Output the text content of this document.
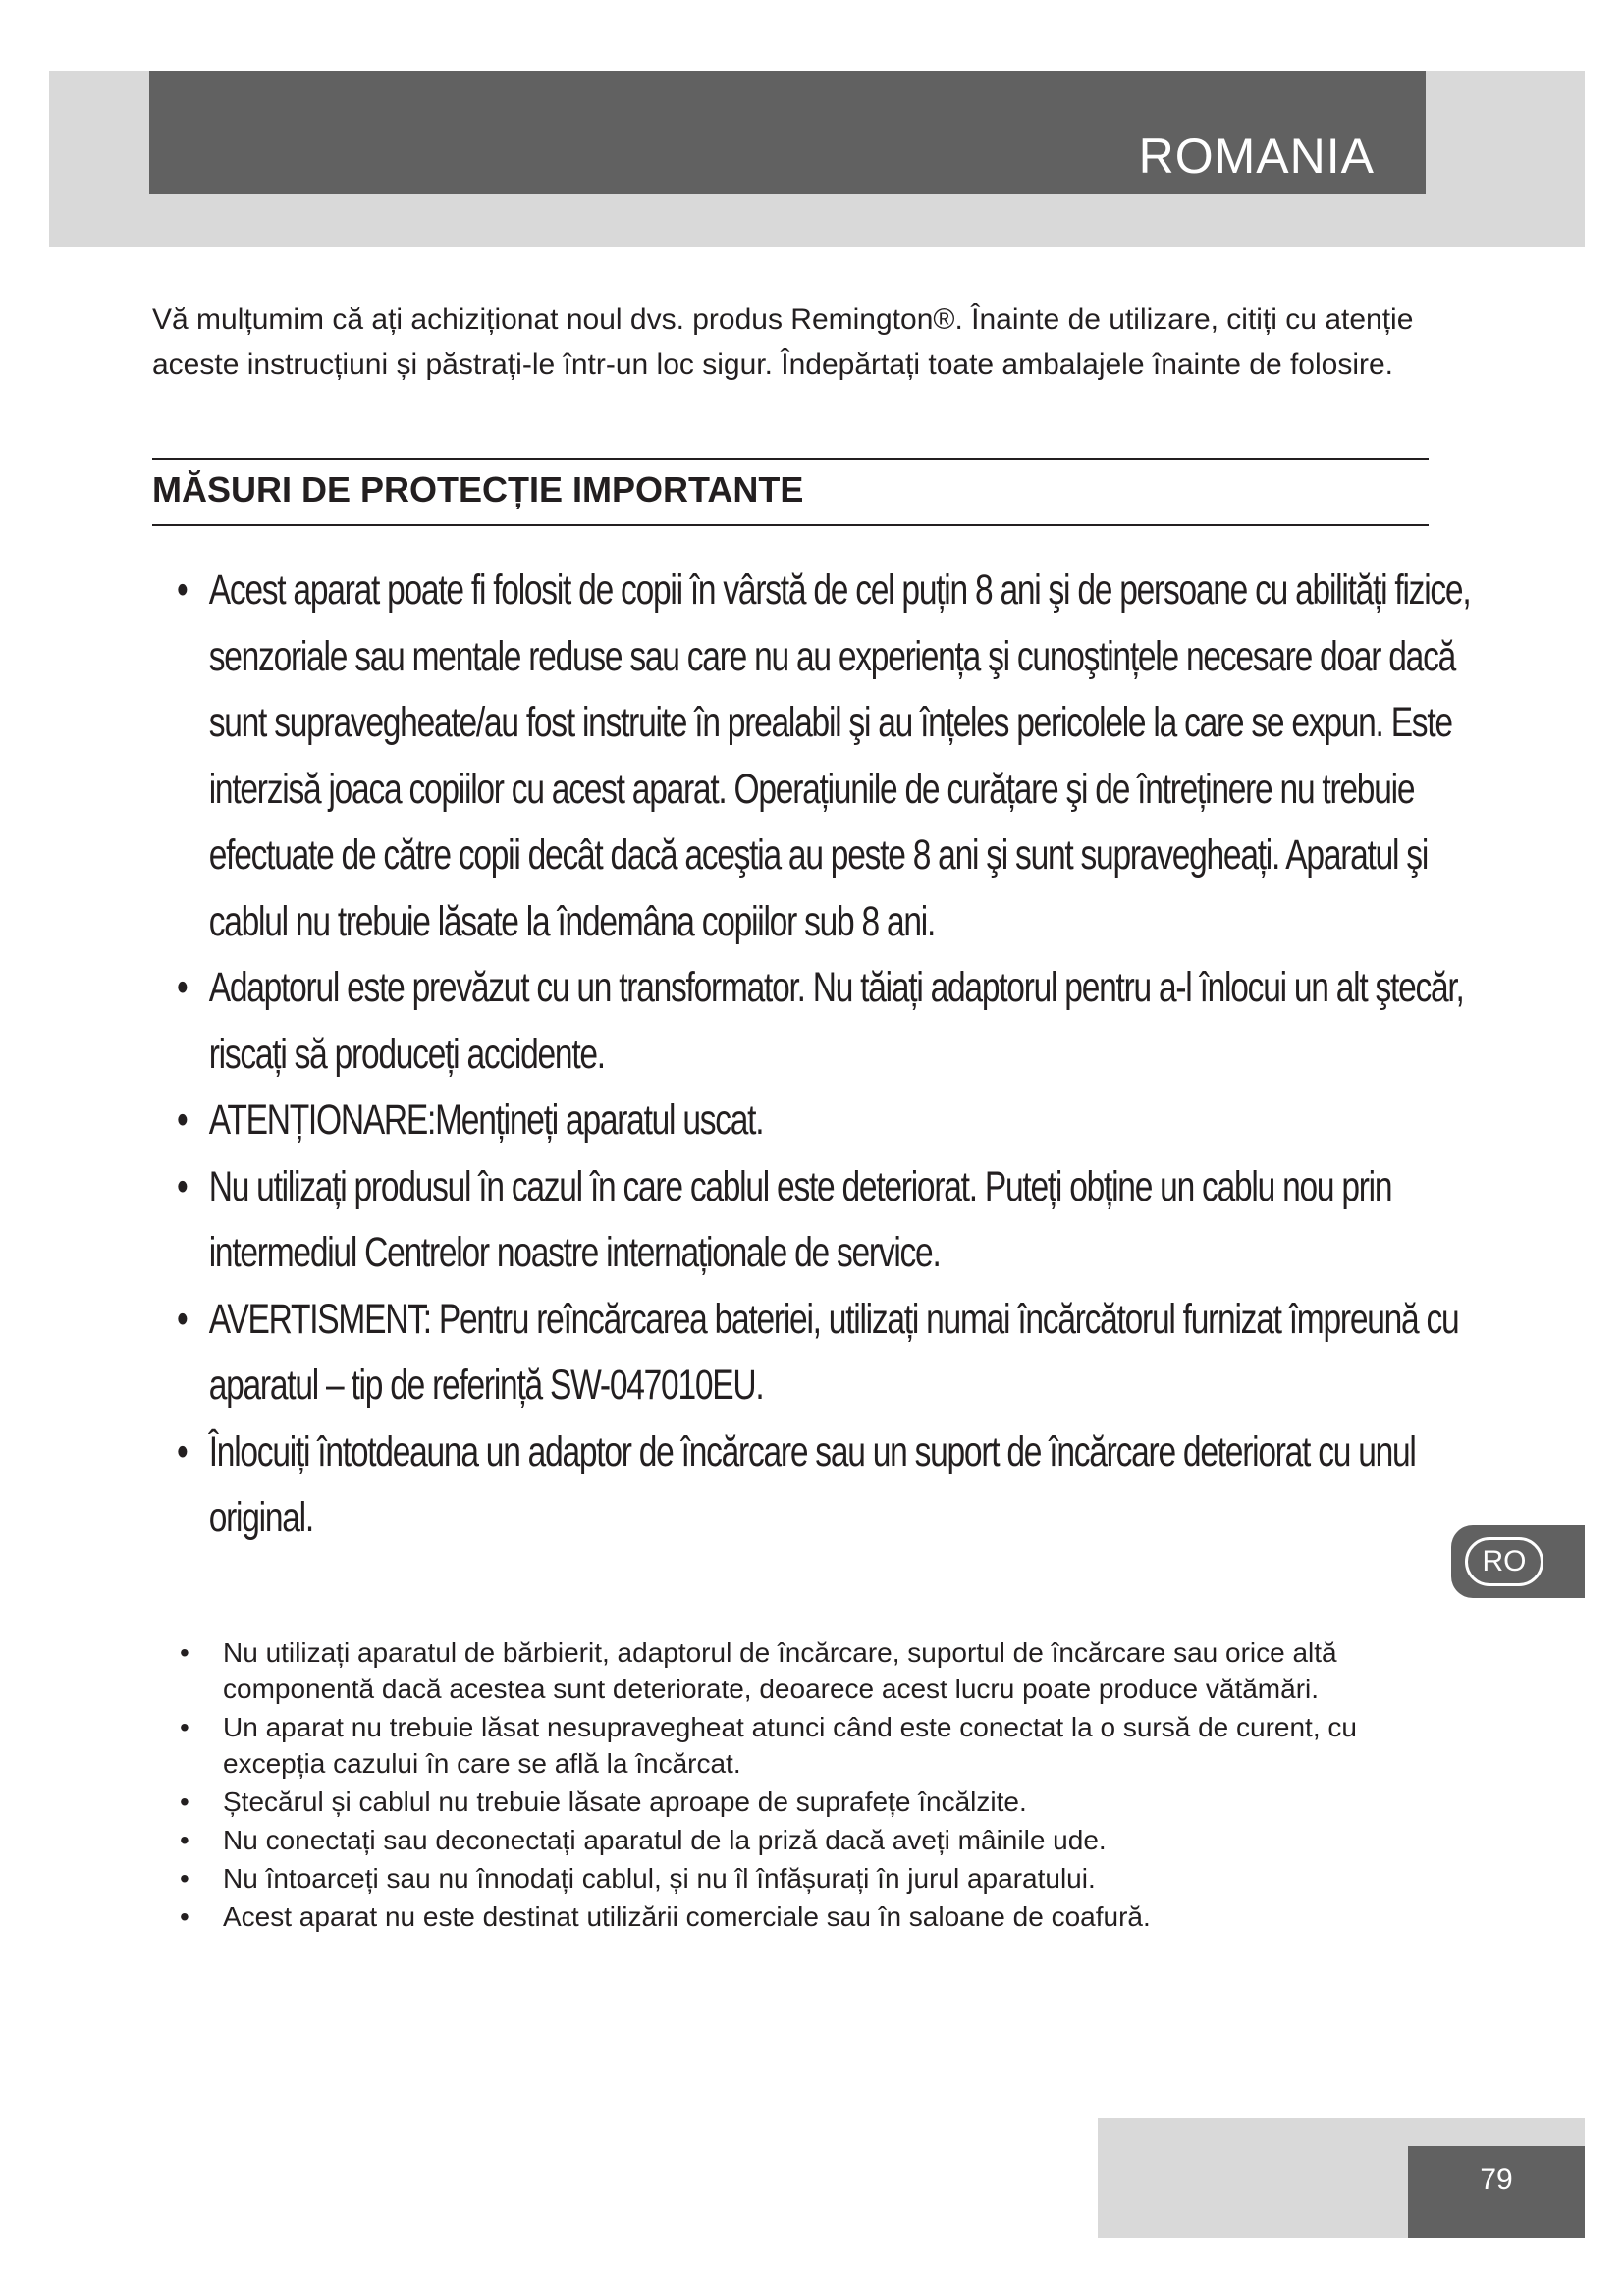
ROMANIA
Vă mulțumim că ați achiziționat noul dvs. produs Remington®. Înainte de utilizare, citiți cu atenție aceste instrucțiuni și păstrați-le într-un loc sigur. Îndepărtați toate ambalajele înainte de folosire.
MĂSURI DE PROTECȚIE IMPORTANTE
• Acest aparat poate fi folosit de copii în vârstă de cel puțin 8 ani şi de persoane cu abilități fizice, senzoriale sau mentale reduse sau care nu au experiența şi cunoştințele necesare doar dacă sunt supravegheate/au fost instruite în prealabil şi au înțeles pericolele la care se expun. Este interzisă joaca copiilor cu acest aparat. Operațiunile de curățare şi de întreținere nu trebuie efectuate de către copii decât dacă aceştia au peste 8 ani şi sunt supravegheați. Aparatul şi cablul nu trebuie lăsate la îndemâna copiilor sub 8 ani.
• Adaptorul este prevăzut cu un transformator. Nu tăiați adaptorul pentru a-l înlocui un alt ştecăr, riscați să produceți accidente.
• ATENȚIONARE:Mențineți aparatul uscat.
• Nu utilizați produsul în cazul în care cablul este deteriorat. Puteți obține un cablu nou prin intermediul Centrelor noastre internaționale de service.
• AVERTISMENT: Pentru reîncărcarea bateriei, utilizați numai încărcătorul furnizat împreună cu aparatul – tip de referință SW-047010EU.
• Înlocuiți întotdeauna un adaptor de încărcare sau un suport de încărcare deteriorat cu unul original.
• Nu utilizați aparatul de bărbierit, adaptorul de încărcare, suportul de încărcare sau orice altă componentă dacă acestea sunt deteriorate, deoarece acest lucru poate produce vătămări.
• Un aparat nu trebuie lăsat nesupravegheat atunci când este conectat la o sursă de curent, cu excepția cazului în care se află la încărcat.
• Ștecărul și cablul nu trebuie lăsate aproape de suprafețe încălzite.
• Nu conectați sau deconectați aparatul de la priză dacă aveți mâinile ude.
• Nu întoarceți sau nu înnodați cablul, și nu îl înfășurați în jurul aparatului.
• Acest aparat nu este destinat utilizării comerciale sau în saloane de coafură.
RO
79
